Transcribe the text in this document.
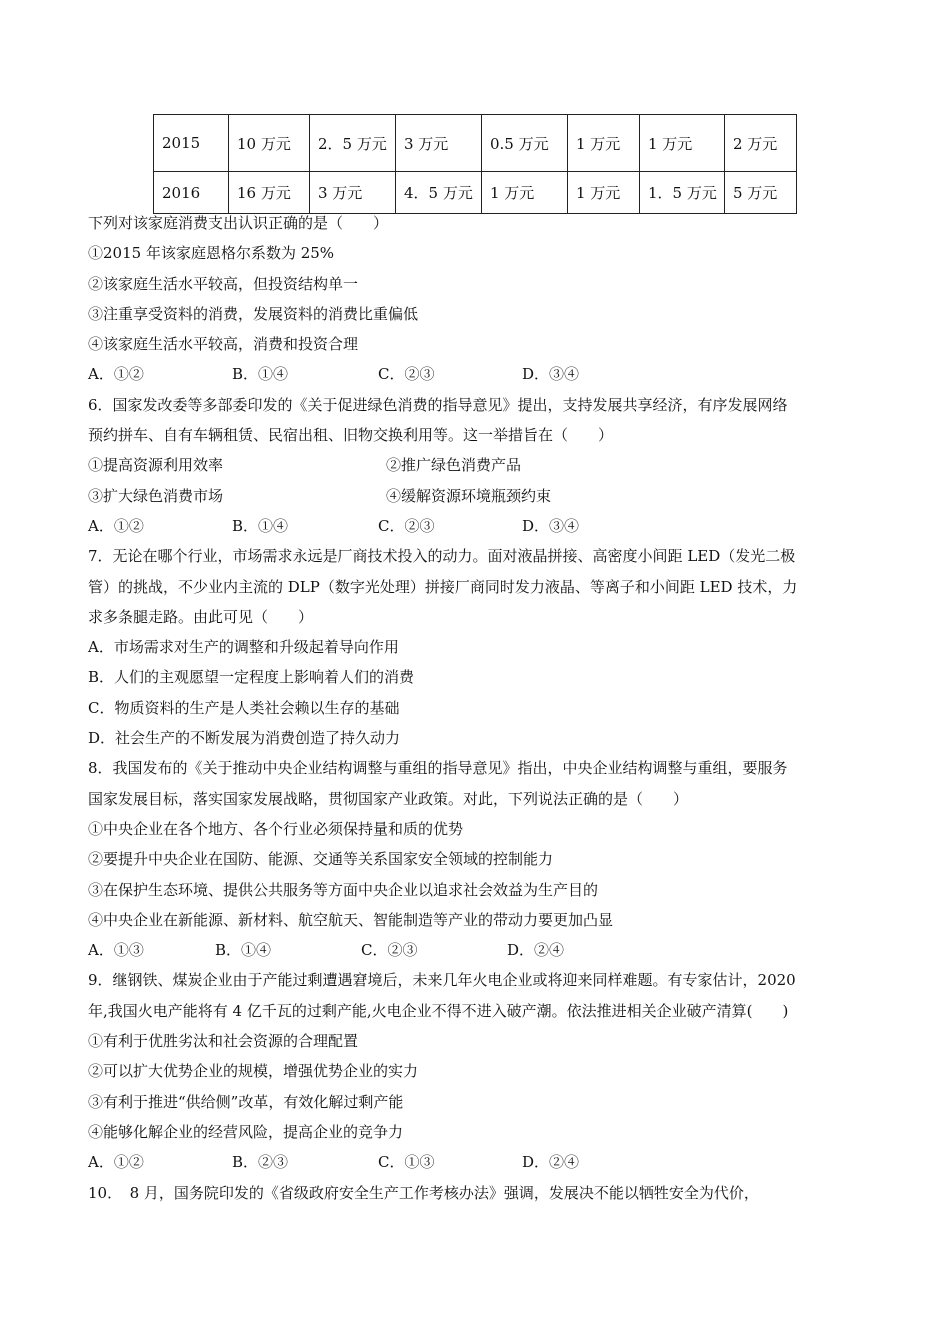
2015	10 万元	2．5 万元	3 万元	0.5 万元	1 万元	1 万元	2 万元
2016	16 万元	3 万元	4．5 万元	1 万元	1 万元	1．5 万元	5 万元
下列对该家庭消费支出认识正确的是（　　）
①2015 年该家庭恩格尔系数为 25%
②该家庭生活水平较高，但投资结构单一
③注重享受资料的消费，发展资料的消费比重偏低
④该家庭生活水平较高，消费和投资合理
A．①②	B．①④	C．②③	D．③④
6．国家发改委等多部委印发的《关于促进绿色消费的指导意见》提出，支持发展共享经济，有序发展网络
预约拼车、自有车辆租赁、民宿出租、旧物交换利用等。这一举措旨在（　　）
①提高资源利用效率	②推广绿色消费产品
③扩大绿色消费市场	④缓解资源环境瓶颈约束
A．①②	B．①④	C．②③	D．③④
7．无论在哪个行业，市场需求永远是厂商技术投入的动力。面对液晶拼接、高密度小间距 LED（发光二极
管）的挑战，不少业内主流的 DLP（数字光处理）拼接厂商同时发力液晶、等离子和小间距 LED 技术，力
求多条腿走路。由此可见（　　）
A．市场需求对生产的调整和升级起着导向作用
B．人们的主观愿望一定程度上影响着人们的消费
C．物质资料的生产是人类社会赖以生存的基础
D．社会生产的不断发展为消费创造了持久动力
8．我国发布的《关于推动中央企业结构调整与重组的指导意见》指出，中央企业结构调整与重组，要服务
国家发展目标，落实国家发展战略，贯彻国家产业政策。对此，下列说法正确的是（　　）
①中央企业在各个地方、各个行业必须保持量和质的优势
②要提升中央企业在国防、能源、交通等关系国家安全领域的控制能力
③在保护生态环境、提供公共服务等方面中央企业以追求社会效益为生产目的
④中央企业在新能源、新材料、航空航天、智能制造等产业的带动力要更加凸显
A．①③	B．①④	C．②③	D．②④
9．继钢铁、煤炭企业由于产能过剩遭遇窘境后，未来几年火电企业或将迎来同样难题。有专家估计，2020
年,我国火电产能将有 4 亿千瓦的过剩产能,火电企业不得不进入破产潮。依法推进相关企业破产清算(　　)
①有利于优胜劣汰和社会资源的合理配置
②可以扩大优势企业的规模，增强优势企业的实力
③有利于推进“供给侧”改革，有效化解过剩产能
④能够化解企业的经营风险，提高企业的竞争力
A．①②	B．②③	C．①③	D．②④
10．　8 月，国务院印发的《省级政府安全生产工作考核办法》强调，发展决不能以牺牲安全为代价，
